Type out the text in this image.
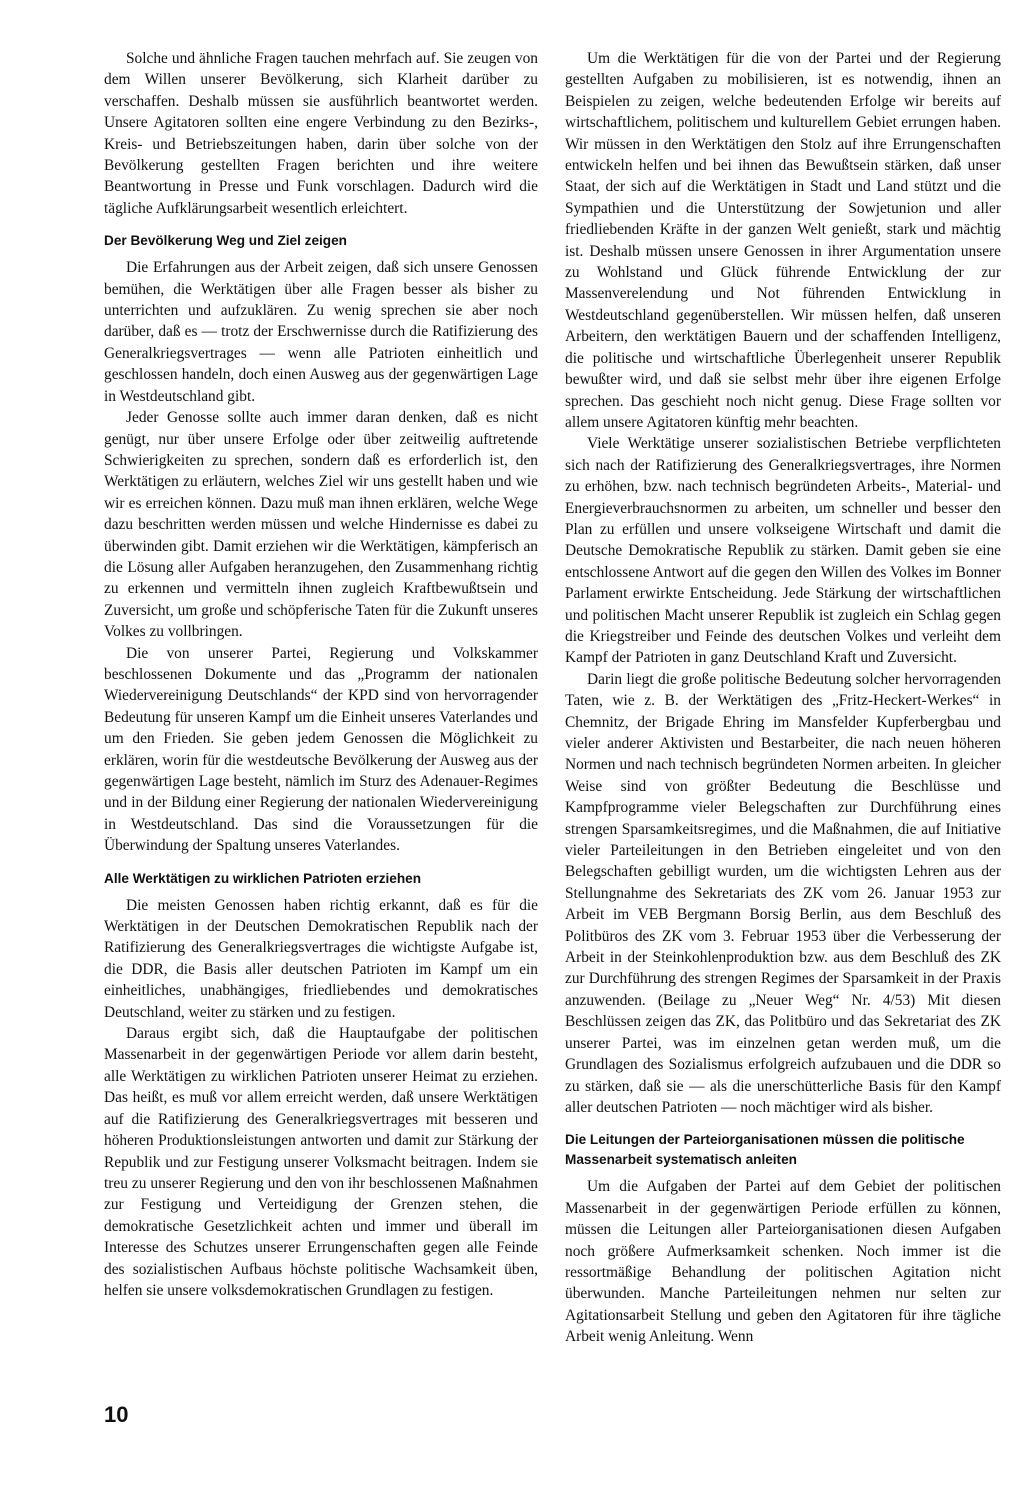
Solche und ähnliche Fragen tauchen mehrfach auf. Sie zeugen von dem Willen unserer Bevölkerung, sich Klarheit darüber zu verschaffen. Deshalb müssen sie ausführlich beantwortet werden. Unsere Agitatoren sollten eine engere Verbindung zu den Bezirks-, Kreis- und Betriebszeitungen haben, darin über solche von der Bevölkerung gestellten Fragen berichten und ihre weitere Beantwortung in Presse und Funk vorschlagen. Dadurch wird die tägliche Aufklärungsarbeit wesentlich erleichtert.

Der Bevölkerung Weg und Ziel zeigen

Die Erfahrungen aus der Arbeit zeigen, daß sich unsere Genossen bemühen, die Werktätigen über alle Fragen besser als bisher zu unterrichten und aufzuklären. Zu wenig sprechen sie aber noch darüber, daß es — trotz der Erschwernisse durch die Ratifizierung des Generalkriegsvertrages — wenn alle Patrioten einheitlich und geschlossen handeln, doch einen Ausweg aus der gegenwärtigen Lage in Westdeutschland gibt.

Jeder Genosse sollte auch immer daran denken, daß es nicht genügt, nur über unsere Erfolge oder über zeitweilig auftretende Schwierigkeiten zu sprechen, sondern daß es erforderlich ist, den Werktätigen zu erläutern, welches Ziel wir uns gestellt haben und wie wir es erreichen können. Dazu muß man ihnen erklären, welche Wege dazu beschritten werden müssen und welche Hindernisse es dabei zu überwinden gibt. Damit erziehen wir die Werktätigen, kämpferisch an die Lösung aller Aufgaben heranzugehen, den Zusammenhang richtig zu erkennen und vermitteln ihnen zugleich Kraftbewußtsein und Zuversicht, um große und schöpferische Taten für die Zukunft unseres Volkes zu vollbringen.

Die von unserer Partei, Regierung und Volkskammer beschlossenen Dokumente und das „Programm der nationalen Wiedervereinigung Deutschlands“ der KPD sind von hervorragender Bedeutung für unseren Kampf um die Einheit unseres Vaterlandes und um den Frieden. Sie geben jedem Genossen die Möglichkeit zu erklären, worin für die westdeutsche Bevölkerung der Ausweg aus der gegenwärtigen Lage besteht, nämlich im Sturz des Adenauer-Regimes und in der Bildung einer Regierung der nationalen Wiedervereinigung in Westdeutschland. Das sind die Voraussetzungen für die Überwindung der Spaltung unseres Vaterlandes.

Alle Werktätigen zu wirklichen Patrioten erziehen

Die meisten Genossen haben richtig erkannt, daß es für die Werktätigen in der Deutschen Demokratischen Republik nach der Ratifizierung des Generalkriegsvertrages die wichtigste Aufgabe ist, die DDR, die Basis aller deutschen Patrioten im Kampf um ein einheitliches, unabhängiges, friedliebendes und demokratisches Deutschland, weiter zu stärken und zu festigen.

Daraus ergibt sich, daß die Hauptaufgabe der politischen Massenarbeit in der gegenwärtigen Periode vor allem darin besteht, alle Werktätigen zu wirklichen Patrioten unserer Heimat zu erziehen. Das heißt, es muß vor allem erreicht werden, daß unsere Werktätigen auf die Ratifizierung des Generalkriegsvertrages mit besseren und höheren Produktionsleistungen antworten und damit zur Stärkung der Republik und zur Festigung unserer Volksmacht beitragen. Indem sie treu zu unserer Regierung und den von ihr beschlossenen Maßnahmen zur Festigung und Verteidigung der Grenzen stehen, die demokratische Gesetzlichkeit achten und immer und überall im Interesse des Schutzes unserer Errungenschaften gegen alle Feinde des sozialistischen Aufbaus höchste politische Wachsamkeit üben, helfen sie unsere volksdemokratischen Grundlagen zu festigen.

Um die Werktätigen für die von der Partei und der Regierung gestellten Aufgaben zu mobilisieren, ist es notwendig, ihnen an Beispielen zu zeigen, welche bedeutenden Erfolge wir bereits auf wirtschaftlichem, politischem und kulturellem Gebiet errungen haben. Wir müssen in den Werktätigen den Stolz auf ihre Errungenschaften entwickeln helfen und bei ihnen das Bewußtsein stärken, daß unser Staat, der sich auf die Werktätigen in Stadt und Land stützt und die Sympathien und die Unterstützung der Sowjetunion und aller friedliebenden Kräfte in der ganzen Welt genießt, stark und mächtig ist. Deshalb müssen unsere Genossen in ihrer Argumentation unsere zu Wohlstand und Glück führende Entwicklung der zur Massenverelendung und Not führenden Entwicklung in Westdeutschland gegenüberstellen. Wir müssen helfen, daß unseren Arbeitern, den werktätigen Bauern und der schaffenden Intelligenz, die politische und wirtschaftliche Überlegenheit unserer Republik bewußter wird, und daß sie selbst mehr über ihre eigenen Erfolge sprechen. Das geschieht noch nicht genug. Diese Frage sollten vor allem unsere Agitatoren künftig mehr beachten.

Viele Werktätige unserer sozialistischen Betriebe verpflichteten sich nach der Ratifizierung des Generalkriegsvertrages, ihre Normen zu erhöhen, bzw. nach technisch begründeten Arbeits-, Material- und Energieverbrauchsnormen zu arbeiten, um schneller und besser den Plan zu erfüllen und unsere volkseigene Wirtschaft und damit die Deutsche Demokratische Republik zu stärken. Damit geben sie eine entschlossene Antwort auf die gegen den Willen des Volkes im Bonner Parlament erwirkte Entscheidung. Jede Stärkung der wirtschaftlichen und politischen Macht unserer Republik ist zugleich ein Schlag gegen die Kriegstreiber und Feinde des deutschen Volkes und verleiht dem Kampf der Patrioten in ganz Deutschland Kraft und Zuversicht.

Darin liegt die große politische Bedeutung solcher hervorragenden Taten, wie z. B. der Werktätigen des „Fritz-Heckert-Werkes“ in Chemnitz, der Brigade Ehring im Mansfelder Kupferbergbau und vieler anderer Aktivisten und Bestarbeiter, die nach neuen höheren Normen und nach technisch begründeten Normen arbeiten. In gleicher Weise sind von größter Bedeutung die Beschlüsse und Kampfprogramme vieler Belegschaften zur Durchführung eines strengen Sparsamkeitsregimes, und die Maßnahmen, die auf Initiative vieler Parteileitungen in den Betrieben eingeleitet und von den Belegschaften gebilligt wurden, um die wichtigsten Lehren aus der Stellungnahme des Sekretariats des ZK vom 26. Januar 1953 zur Arbeit im VEB Bergmann Borsig Berlin, aus dem Beschluß des Politbüros des ZK vom 3. Februar 1953 über die Verbesserung der Arbeit in der Steinkohlenproduktion bzw. aus dem Beschluß des ZK zur Durchführung des strengen Regimes der Sparsamkeit in der Praxis anzuwenden. (Beilage zu „Neuer Weg“ Nr. 4/53) Mit diesen Beschlüssen zeigen das ZK, das Politbüro und das Sekretariat des ZK unserer Partei, was im einzelnen getan werden muß, um die Grundlagen des Sozialismus erfolgreich aufzubauen und die DDR so zu stärken, daß sie — als die unerschütterliche Basis für den Kampf aller deutschen Patrioten — noch mächtiger wird als bisher.

Die Leitungen der Parteiorganisationen müssen die politische Massenarbeit systematisch anleiten

Um die Aufgaben der Partei auf dem Gebiet der politischen Massenarbeit in der gegenwärtigen Periode erfüllen zu können, müssen die Leitungen aller Parteiorganisationen diesen Aufgaben noch größere Aufmerksamkeit schenken. Noch immer ist die ressortmäßige Behandlung der politischen Agitation nicht überwunden. Manche Parteileitungen nehmen nur selten zur Agitationsarbeit Stellung und geben den Agitatoren für ihre tägliche Arbeit wenig Anleitung. Wenn

10
